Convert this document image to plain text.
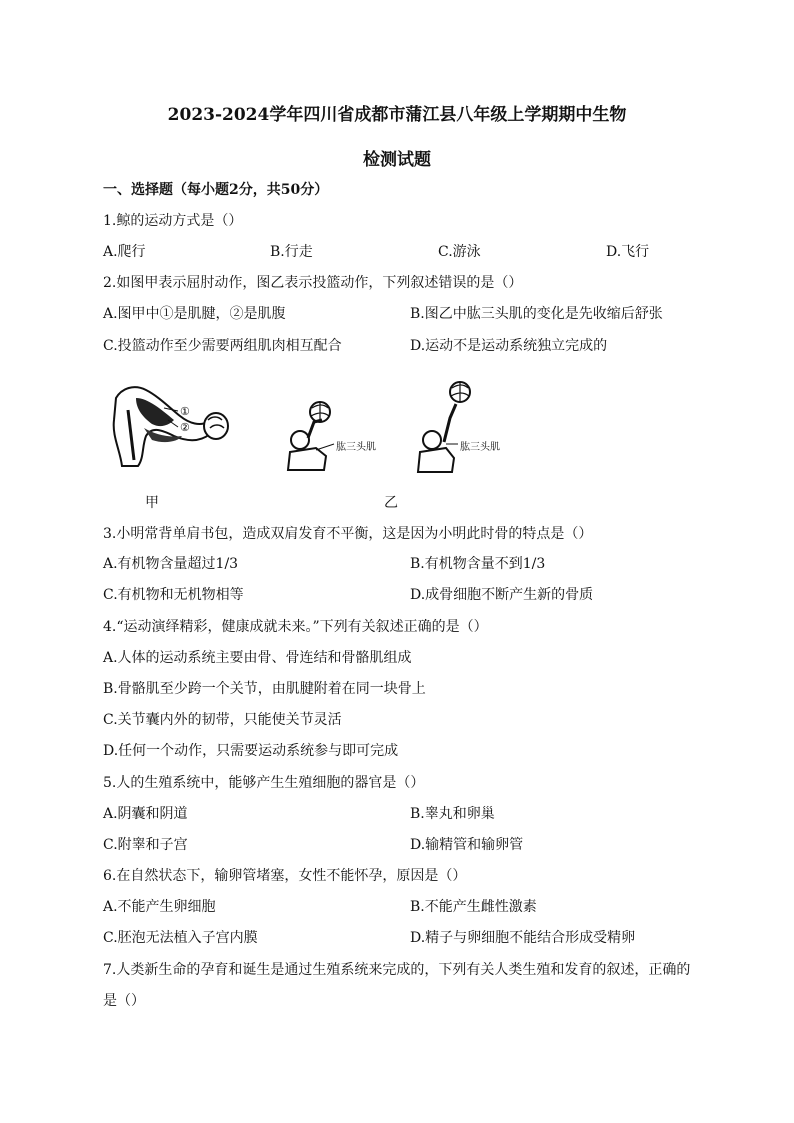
2023-2024学年四川省成都市蒲江县八年级上学期期中生物
检测试题
一、选择题（每小题2分，共50分）
1.鲸的运动方式是（）
A.爬行	B.行走	C.游泳	D.飞行
2.如图甲表示屈肘动作，图乙表示投篮动作，下列叙述错误的是（）
A.图甲中①是肌腱，②是肌腹	B.图乙中肱三头肌的变化是先收缩后舒张
C.投篮动作至少需要两组肌肉相互配合	D.运动不是运动系统独立完成的
①
②
肱三头肌	肱三头肌
甲	乙
3.小明常背单肩书包，造成双肩发育不平衡，这是因为小明此时骨的特点是（）
A.有机物含量超过1/3	B.有机物含量不到1/3
C.有机物和无机物相等	D.成骨细胞不断产生新的骨质
4.“运动演绎精彩，健康成就未来。”下列有关叙述正确的是（）
A.人体的运动系统主要由骨、骨连结和骨骼肌组成
B.骨骼肌至少跨一个关节，由肌腱附着在同一块骨上
C.关节囊内外的韧带，只能使关节灵活
D.任何一个动作，只需要运动系统参与即可完成
5.人的生殖系统中，能够产生生殖细胞的器官是（）
A.阴囊和阴道	B.睾丸和卵巢
C.附睾和子宫	D.输精管和输卵管
6.在自然状态下，输卵管堵塞，女性不能怀孕，原因是（）
A.不能产生卵细胞	B.不能产生雌性激素
C.胚泡无法植入子宫内膜	D.精子与卵细胞不能结合形成受精卵
7.人类新生命的孕育和诞生是通过生殖系统来完成的，下列有关人类生殖和发育的叙述，正确的
是（）
